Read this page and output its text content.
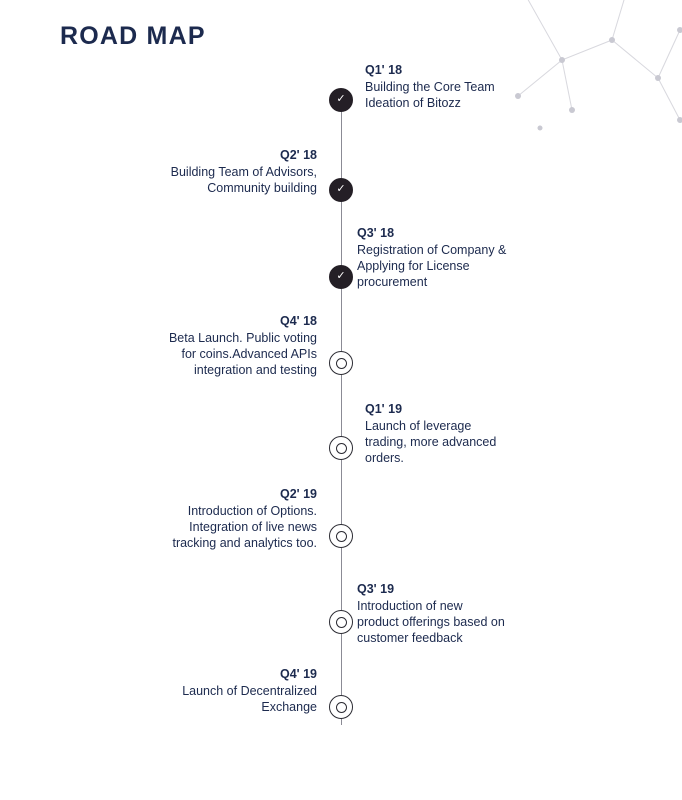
ROAD MAP
✓
Q1' 18
Building the Core Team Ideation of Bitozz
✓
Q2' 18
Building Team of Advisors, Community building
✓
Q3' 18
Registration of Company & Applying for License procurement
Q4' 18
Beta Launch. Public voting for coins.Advanced APIs integration and testing
Q1' 19
Launch of leverage trading, more advanced orders.
Q2' 19
Introduction of Options. Integration of live news tracking and analytics too.
Q3' 19
Introduction of new product offerings based on customer feedback
Q4' 19
Launch of Decentralized Exchange
